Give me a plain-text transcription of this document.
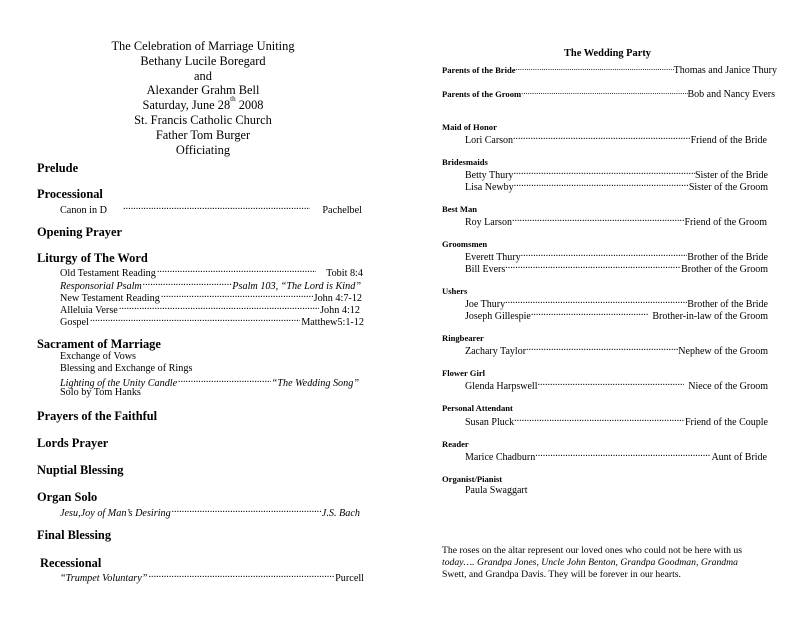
The Celebration of Marriage Uniting
Bethany Lucile Boregard
and
Alexander Grahm Bell
Saturday, June 28th 2008
St. Francis Catholic Church
Father Tom Burger
Officiating
Prelude
Processional
Canon in D .....	Pachelbel
Opening Prayer
Liturgy of The Word
Old Testament Reading .....	Tobit 8:4
Responsorial Psalm .....	Psalm 103, “The Lord is Kind”
New Testament Reading .....	John 4:7-12
Alleluia Verse .....	John 4:12
Gospel .....	Matthew5:1-12
Sacrament of Marriage
Exchange of Vows
Blessing and Exchange of Rings
Lighting of the Unity Candle .....	“The Wedding Song”
Solo by Tom Hanks
Prayers of the Faithful
Lords Prayer
Nuptial Blessing
Organ Solo
Jesu,Joy of Man’s Desiring .....	J.S. Bach
Final Blessing
Recessional
“Trumpet Voluntary” .....	Purcell
The Wedding Party
Parents of the Bride .....	Thomas and Janice Thury
Parents of the Groom .....	Bob and Nancy Evers
Maid of Honor
Lori Carson .....	Friend of the Bride
Bridesmaids
Betty Thury .....	Sister of the Bride
Lisa Newby .....	Sister of the Groom
Best Man
Roy Larson .....	Friend of the Groom
Groomsmen
Everett Thury .....	Brother of the Bride
Bill Evers .....	Brother of the Groom
Ushers
Joe Thury .....	Brother of the Bride
Joseph Gillespie .....	Brother-in-law of the Groom
Ringbearer
Zachary Taylor .....	Nephew of the Groom
Flower Girl
Glenda Harpswell .....	Niece of the Groom
Personal Attendant
Susan Pluck .....	Friend of the Couple
Reader
Marice Chadburn .....	Aunt of Bride
Organist/Pianist
Paula Swaggart
The roses on the altar represent our loved ones who could not be here with us
today…. Grandpa Jones, Uncle John Benton, Grandpa Goodman, Grandma
Swett, and Grandpa Davis. They will be forever in our hearts.
